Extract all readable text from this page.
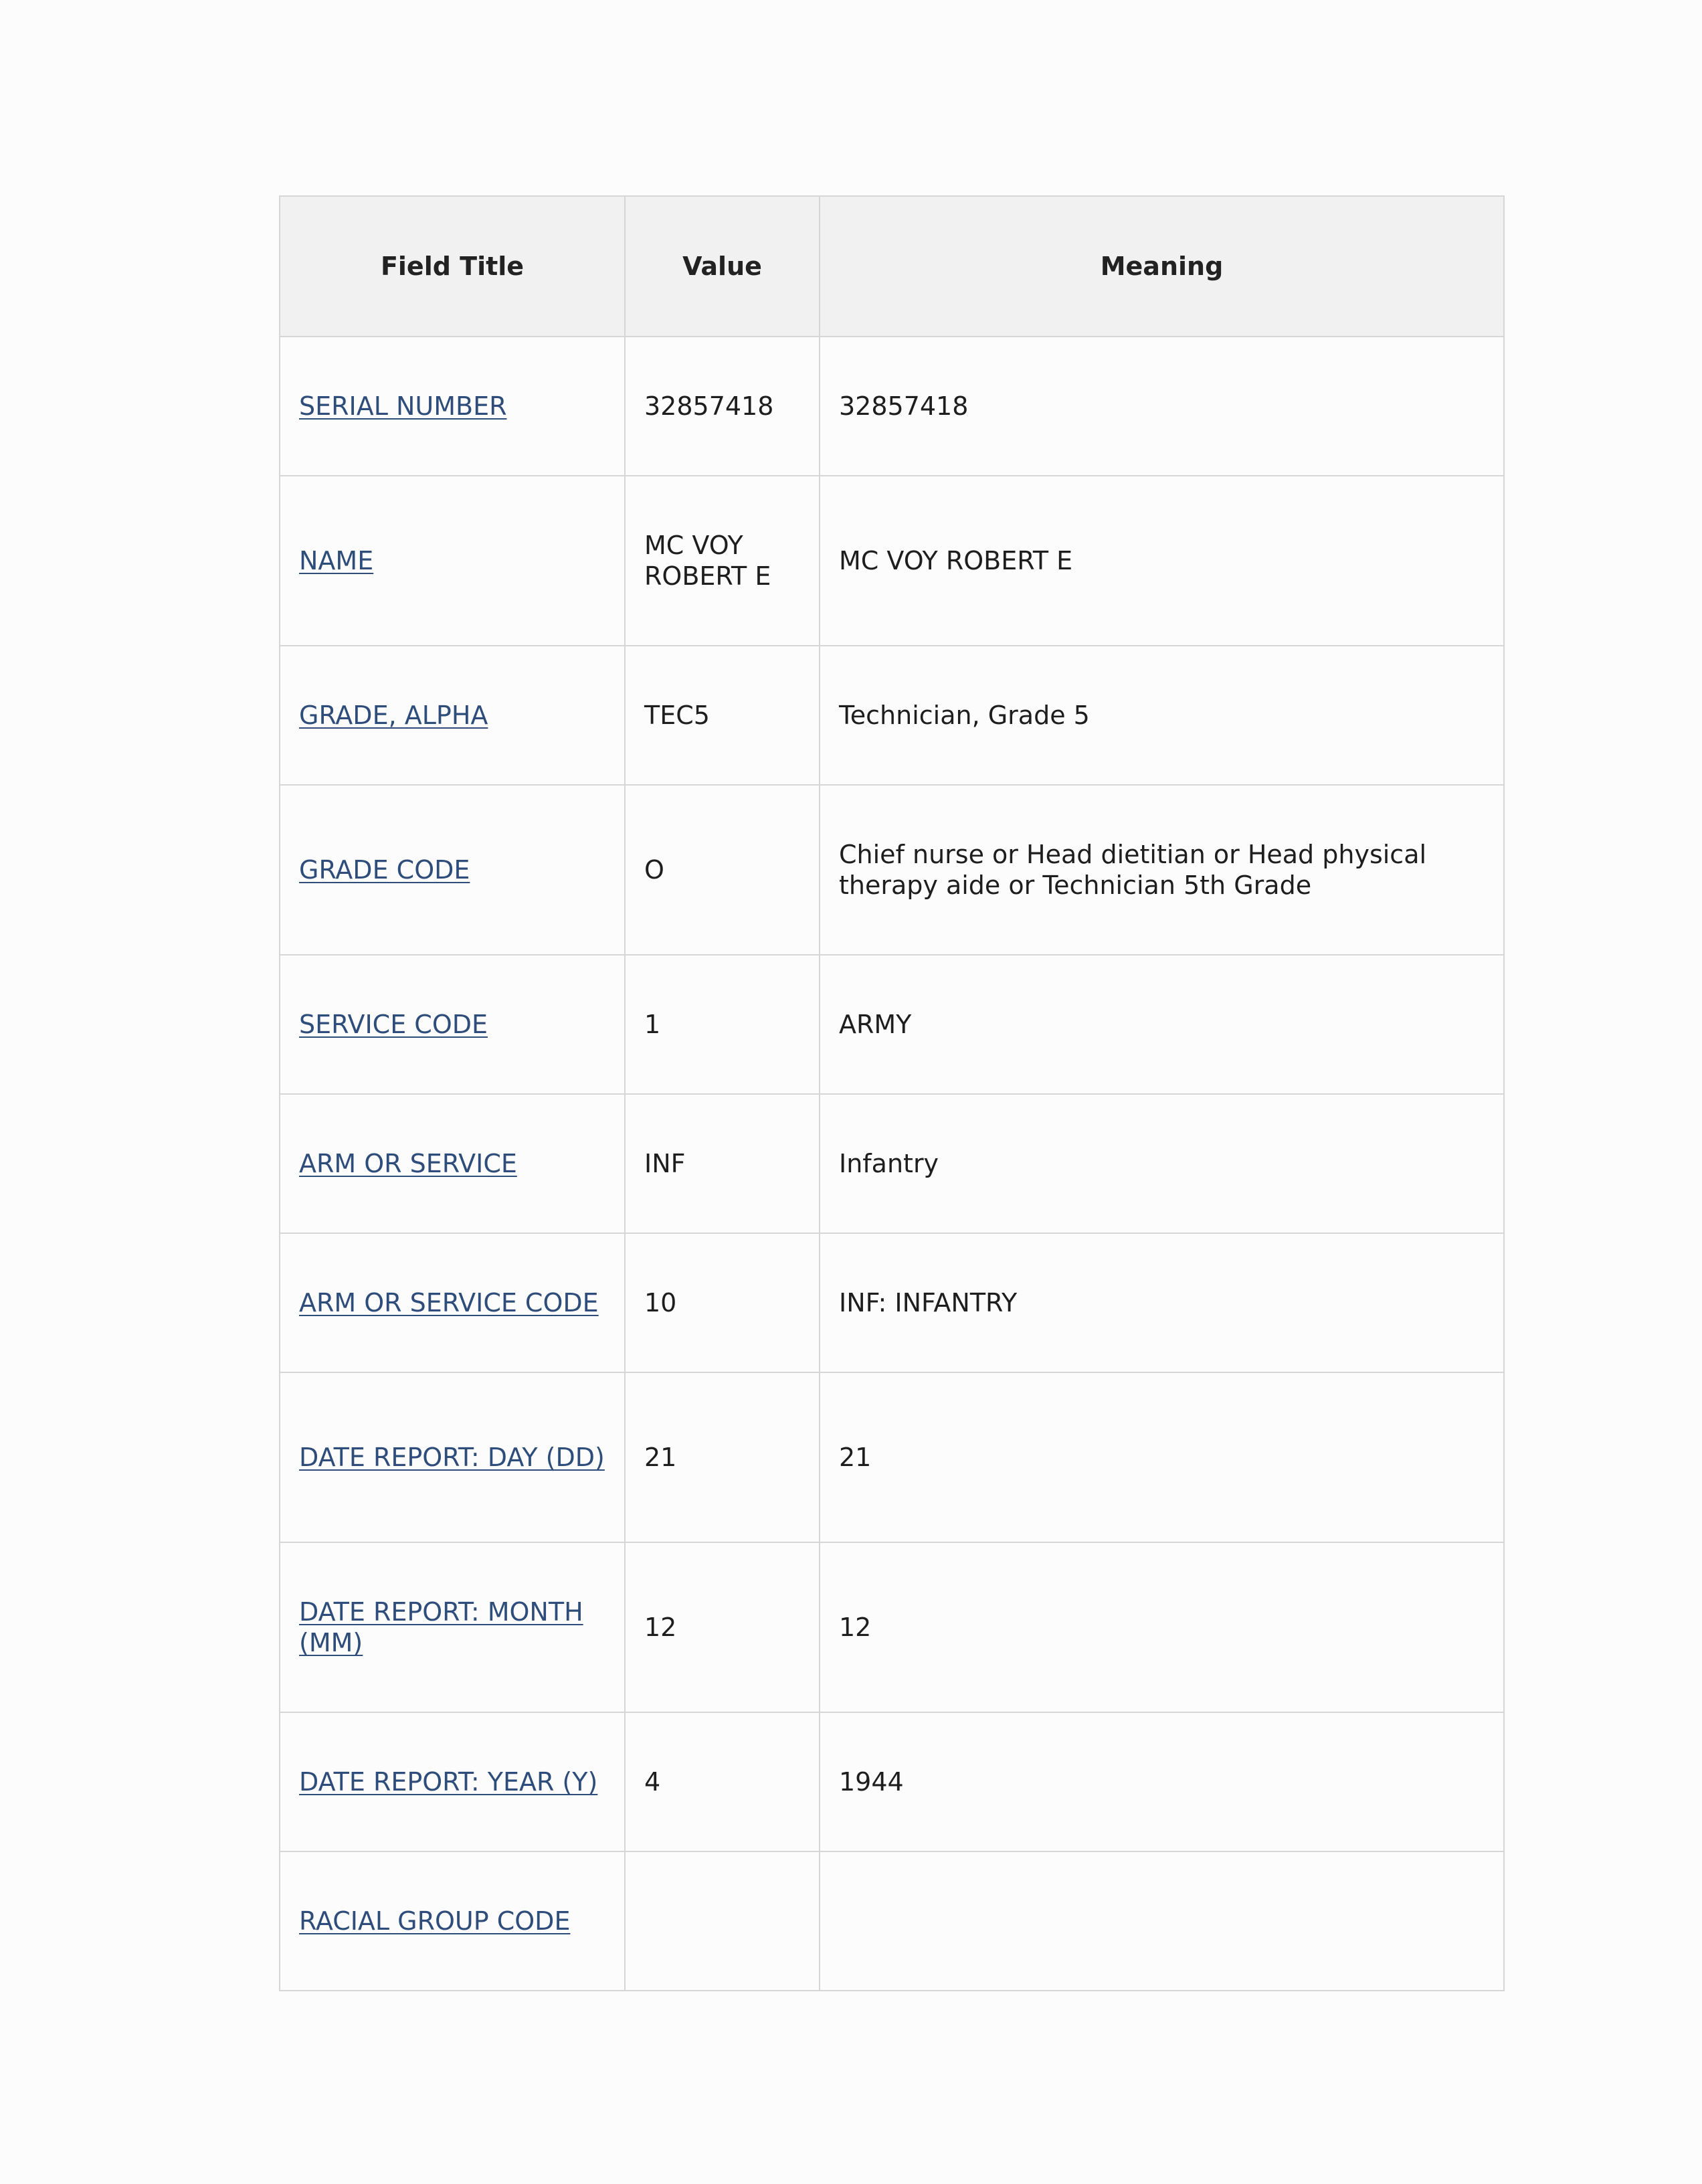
Field Title	Value	Meaning
SERIAL NUMBER	32857418	32857418
NAME	MC VOY ROBERT E	MC VOY ROBERT E
GRADE, ALPHA	TEC5	Technician, Grade 5
GRADE CODE	O	Chief nurse or Head dietitian or Head physical therapy aide or Technician 5th Grade
SERVICE CODE	1	ARMY
ARM OR SERVICE	INF	Infantry
ARM OR SERVICE CODE	10	INF: INFANTRY
DATE REPORT: DAY (DD)	21	21
DATE REPORT: MONTH (MM)	12	12
DATE REPORT: YEAR (Y)	4	1944
RACIAL GROUP CODE		
